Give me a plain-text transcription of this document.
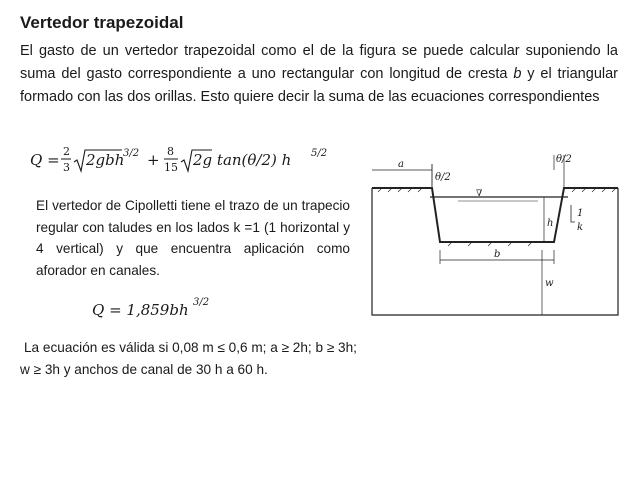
Vertedor trapezoidal
El gasto de un vertedor trapezoidal como el de la figura se puede calcular suponiendo la suma del gasto correspondiente a uno rectangular con longitud de cresta b y el triangular formado con las dos orillas. Esto quiere decir la suma de las ecuaciones correspondientes
Q = 2
3 2gbh
3/2 + 8
15 2g tan(θ/2) h 5/2
El vertedor de Cipolletti tiene el trazo de un trapecio regular con taludes en los lados k =1 (1 horizontal y 4 vertical) y que encuentra aplicación como aforador en canales.
Q = 1,859bh 3/2
La ecuación es válida si 0,08 m ≤ 0,6 m; a ≥ 2h; b ≥ 3h;
w ≥ 3h y anchos de canal de 30 h a 60 h.
a
θ/2
θ/2
h
b
w
1
k
∇
